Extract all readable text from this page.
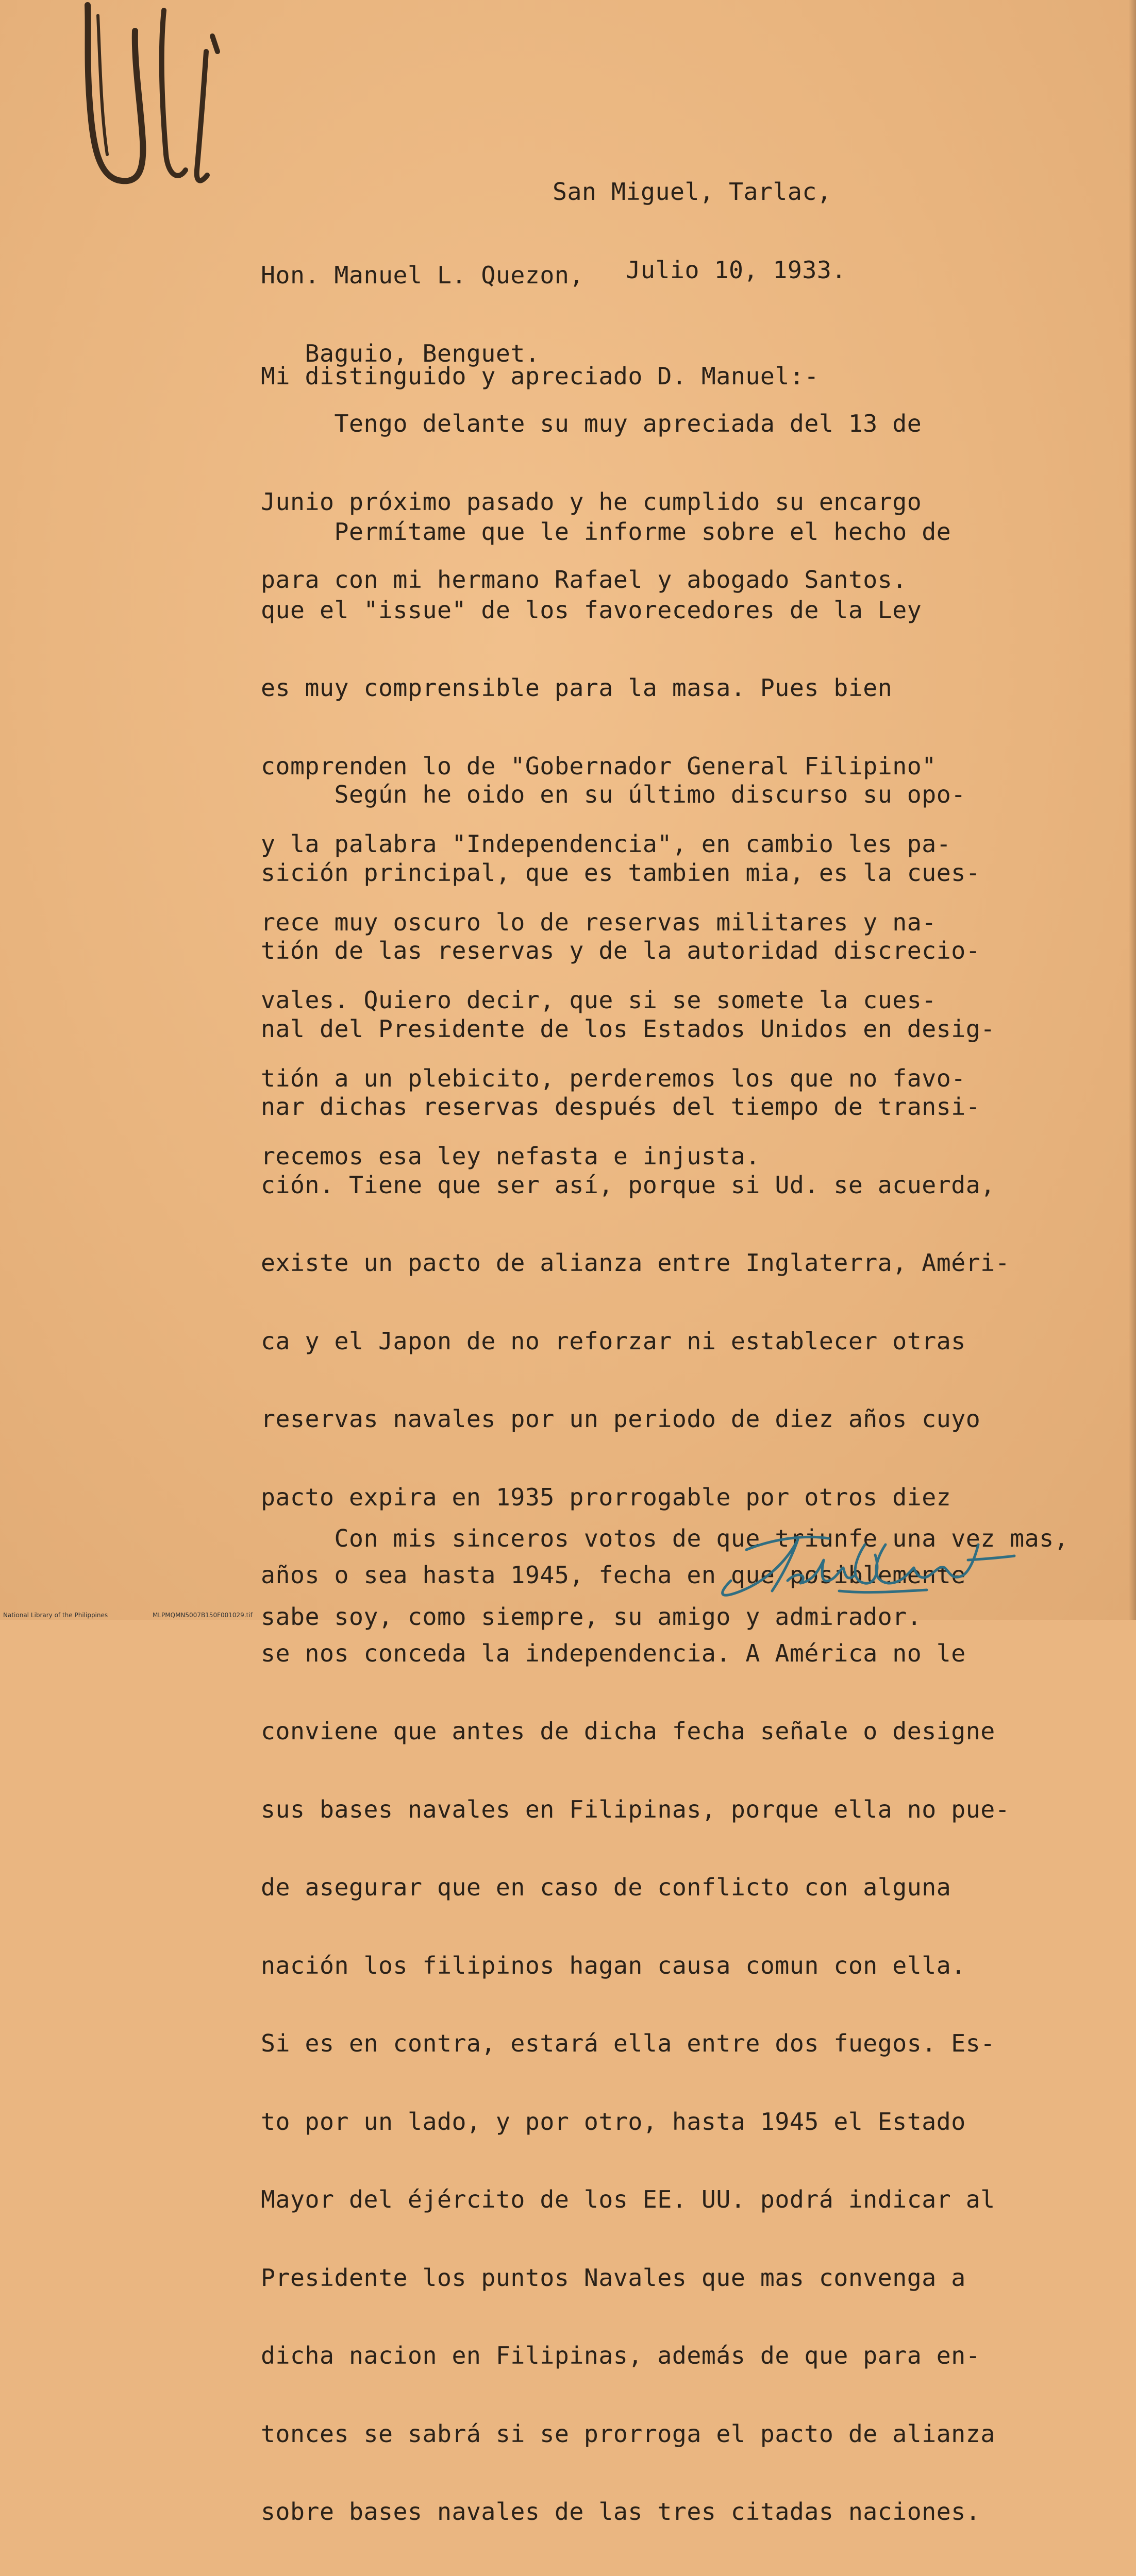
San Miguel, Tarlac,

Julio 10, 1933.

Hon. Manuel L. Quezon,

Baguio, Benguet.

Mi distinguido y apreciado D. Manuel:-

Tengo delante su muy apreciada del 13 de

Junio próximo pasado y he cumplido su encargo

para con mi hermano Rafael y abogado Santos.

Permítame que le informe sobre el hecho de

que el "issue" de los favorecedores de la Ley

es muy comprensible para la masa. Pues bien

comprenden lo de "Gobernador General Filipino"

y la palabra "Independencia", en cambio les pa-

rece muy oscuro lo de reservas militares y na-

vales. Quiero decir, que si se somete la cues-

tión a un plebicito, perderemos los que no favo-

recemos esa ley nefasta e injusta.

Según he oido en su último discurso su opo-

sición principal, que es tambien mia, es la cues-

tión de las reservas y de la autoridad discrecio-

nal del Presidente de los Estados Unidos en desig-

nar dichas reservas después del tiempo de transi-

ción. Tiene que ser así, porque si Ud. se acuerda,

existe un pacto de alianza entre Inglaterra, Améri-

ca y el Japon de no reforzar ni establecer otras

reservas navales por un periodo de diez años cuyo

pacto expira en 1935 prorrogable por otros diez

años o sea hasta 1945, fecha en que posiblemente

se nos conceda la independencia. A América no le

conviene que antes de dicha fecha señale o designe

sus bases navales en Filipinas, porque ella no pue-

de asegurar que en caso de conflicto con alguna

nación los filipinos hagan causa comun con ella.

Si es en contra, estará ella entre dos fuegos. Es-

to por un lado, y por otro, hasta 1945 el Estado

Mayor del éjército de los EE. UU. podrá indicar al

Presidente los puntos Navales que mas convenga a

dicha nacion en Filipinas, además de que para en-

tonces se sabrá si se prorroga el pacto de alianza

sobre bases navales de las tres citadas naciones.

Con mis sinceros votos de que triunfe una vez mas,

sabe soy, como siempre, su amigo y admirador.

National Library of the Philippines	MLPMQMN5007B150F001029.tif
